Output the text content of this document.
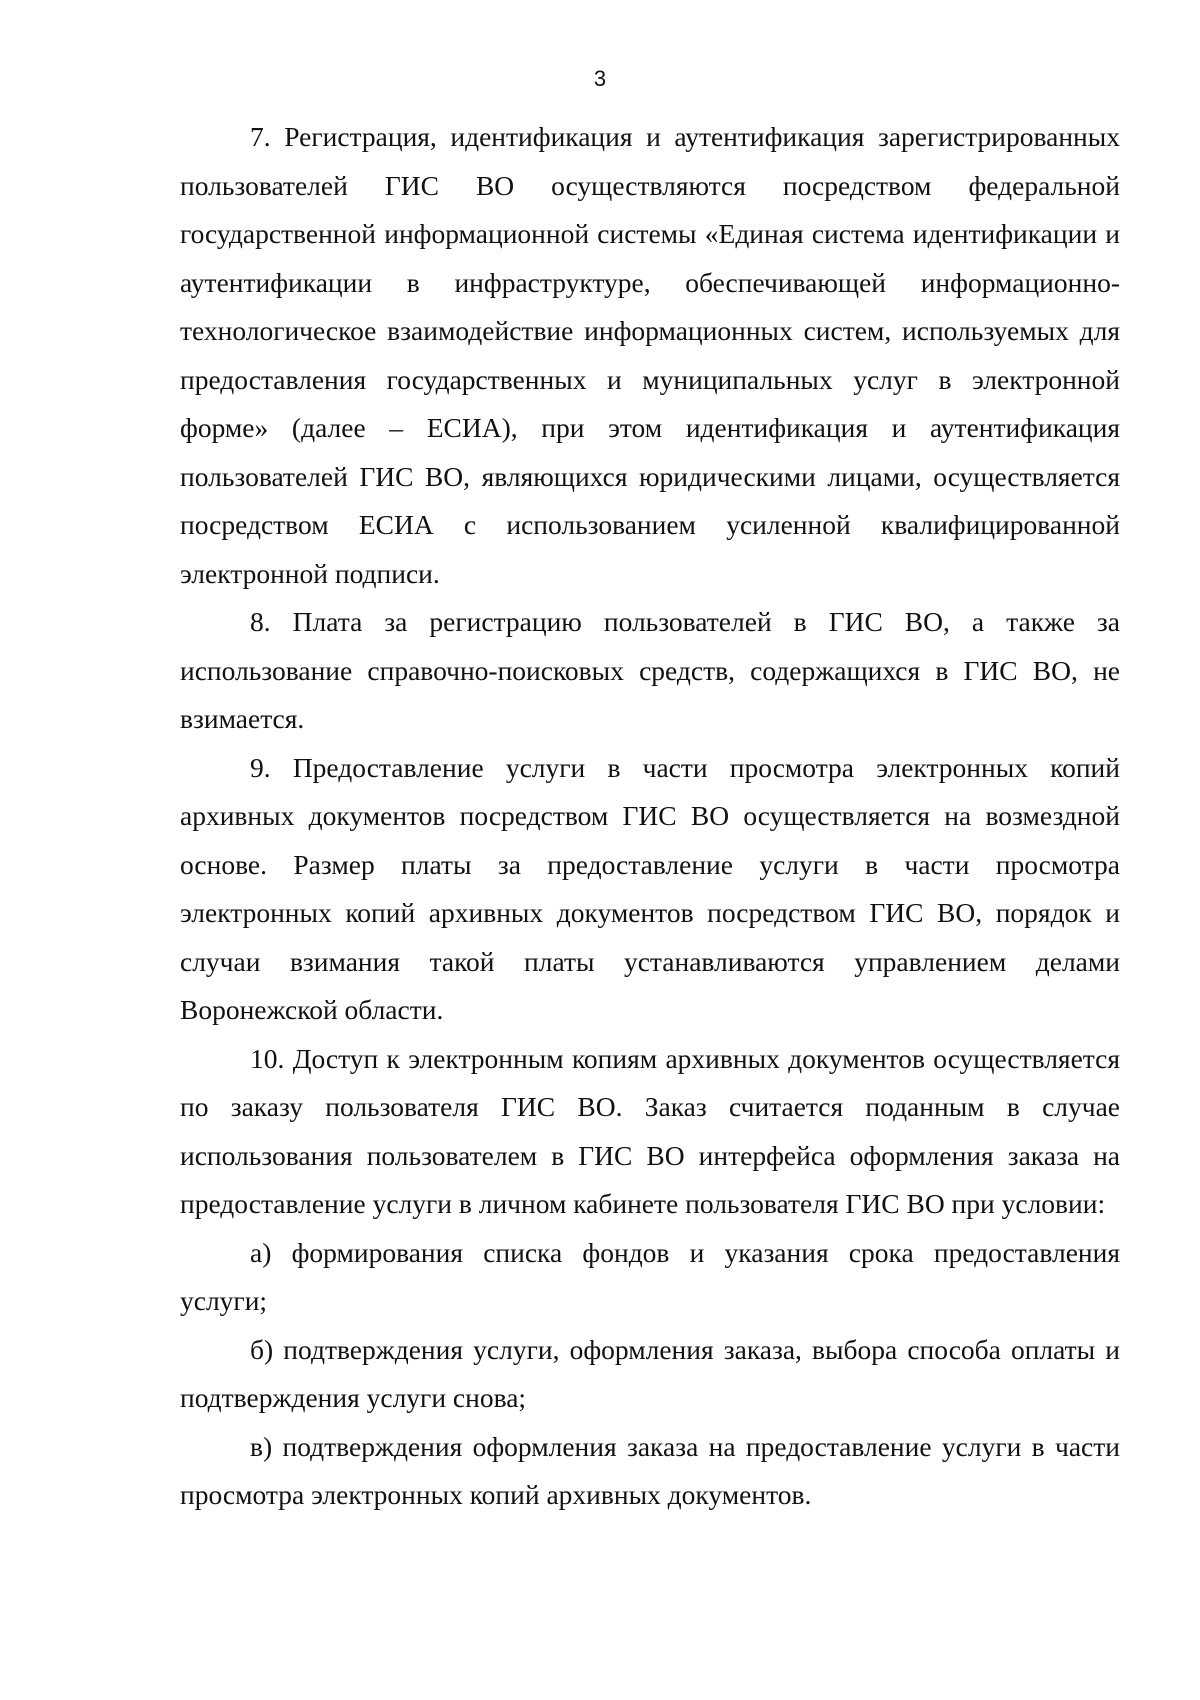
3

7. Регистрация, идентификация и аутентификация зарегистрированных пользователей ГИС ВО осуществляются посредством федеральной государственной информационной системы «Единая система идентификации и аутентификации в инфраструктуре, обеспечивающей информационно-технологическое взаимодействие информационных систем, используемых для предоставления государственных и муниципальных услуг в электронной форме» (далее – ЕСИА), при этом идентификация и аутентификация пользователей ГИС ВО, являющихся юридическими лицами, осуществляется посредством ЕСИА с использованием усиленной квалифицированной электронной подписи.

8. Плата за регистрацию пользователей в ГИС ВО, а также за использование справочно-поисковых средств, содержащихся в ГИС ВО, не взимается.

9. Предоставление услуги в части просмотра электронных копий архивных документов посредством ГИС ВО осуществляется на возмездной основе. Размер платы за предоставление услуги в части просмотра электронных копий архивных документов посредством ГИС ВО, порядок и случаи взимания такой платы устанавливаются управлением делами Воронежской области.

10. Доступ к электронным копиям архивных документов осуществляется по заказу пользователя ГИС ВО. Заказ считается поданным в случае использования пользователем в ГИС ВО интерфейса оформления заказа на предоставление услуги в личном кабинете пользователя ГИС ВО при условии:

а) формирования списка фондов и указания срока предоставления услуги;

б) подтверждения услуги, оформления заказа, выбора способа оплаты и подтверждения услуги снова;

в) подтверждения оформления заказа на предоставление услуги в части просмотра электронных копий архивных документов.
